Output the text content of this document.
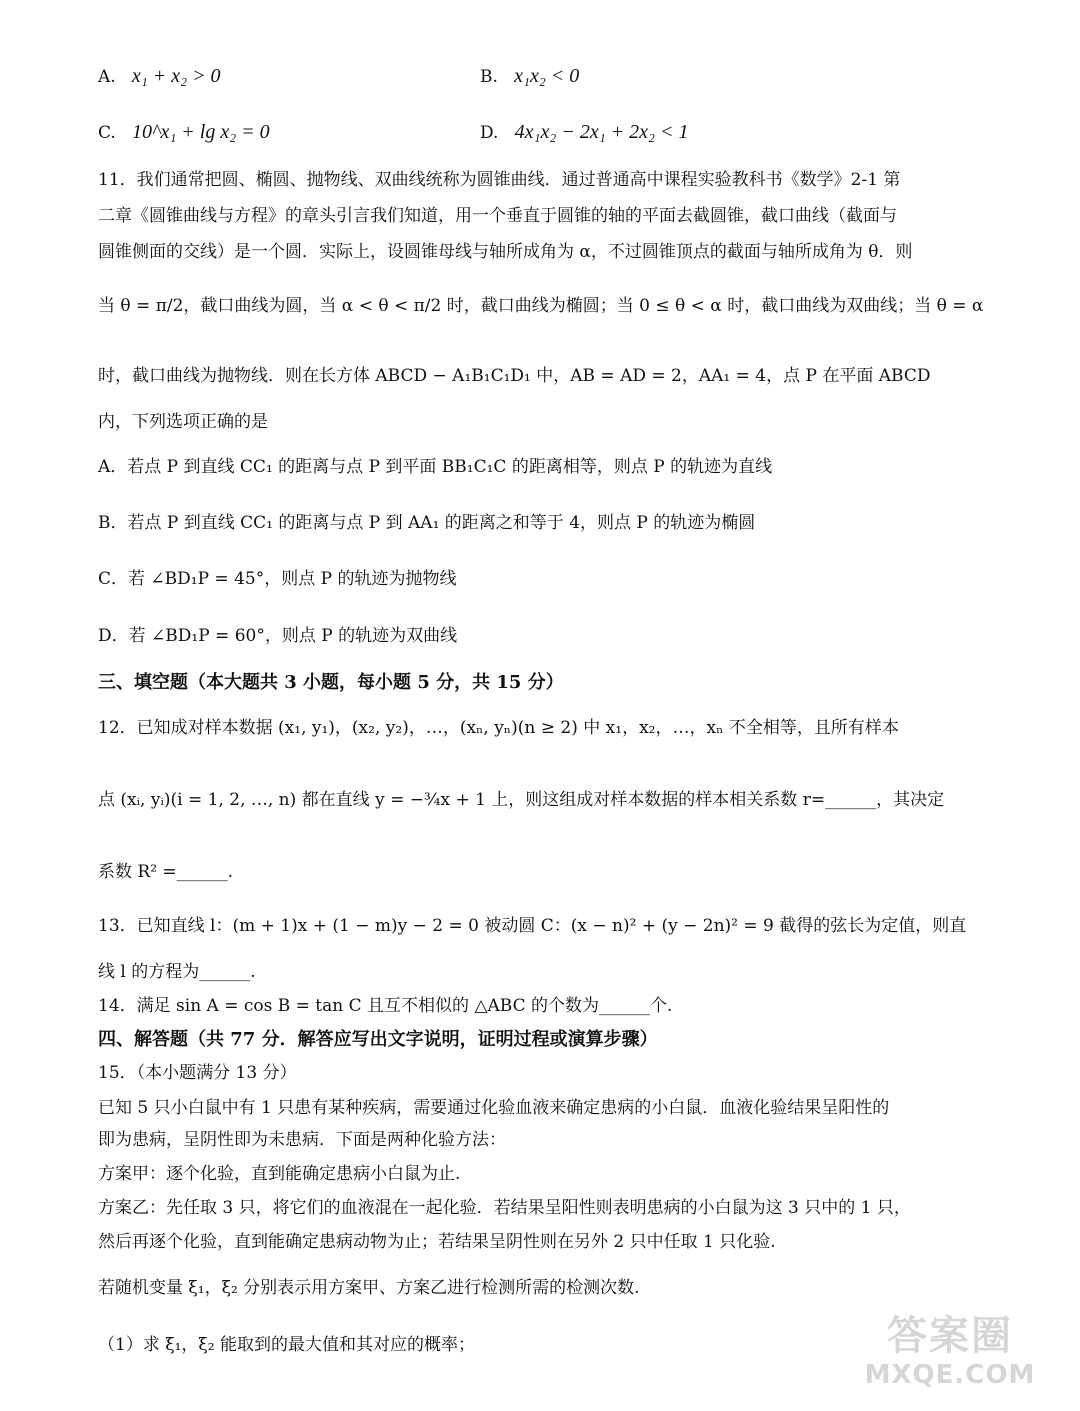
A. x₁ + x₂ > 0	B. x₁x₂ < 0
C. 10^x₁ + lg x₂ = 0	D. 4x₁x₂ − 2x₁ + 2x₂ < 1
11．我们通常把圆、椭圆、抛物线、双曲线统称为圆锥曲线．通过普通高中课程实验教科书《数学》2-1 第
二章《圆锥曲线与方程》的章头引言我们知道，用一个垂直于圆锥的轴的平面去截圆锥，截口曲线（截面与
圆锥侧面的交线）是一个圆．实际上，设圆锥母线与轴所成角为 α，不过圆锥顶点的截面与轴所成角为 θ．则
当 θ = π/2，截口曲线为圆，当 α < θ < π/2 时，截口曲线为椭圆；当 0 ≤ θ < α 时，截口曲线为双曲线；当 θ = α
时，截口曲线为抛物线．则在长方体 ABCD − A₁B₁C₁D₁ 中，AB = AD = 2，AA₁ = 4，点 P 在平面 ABCD
内，下列选项正确的是
A．若点 P 到直线 CC₁ 的距离与点 P 到平面 BB₁C₁C 的距离相等，则点 P 的轨迹为直线
B．若点 P 到直线 CC₁ 的距离与点 P 到 AA₁ 的距离之和等于 4，则点 P 的轨迹为椭圆
C．若 ∠BD₁P = 45°，则点 P 的轨迹为抛物线
D．若 ∠BD₁P = 60°，则点 P 的轨迹为双曲线
三、填空题（本大题共 3 小题，每小题 5 分，共 15 分）
12．已知成对样本数据 (x₁, y₁)，(x₂, y₂)，…，(xₙ, yₙ)(n ≥ 2) 中 x₁，x₂，…，xₙ 不全相等，且所有样本
点 (xᵢ, yᵢ)(i = 1, 2, …, n) 都在直线 y = −¾x + 1 上，则这组成对样本数据的样本相关系数 r=______，其决定
系数 R² =______.
13．已知直线 l：(m + 1)x + (1 − m)y − 2 = 0 被动圆 C：(x − n)² + (y − 2n)² = 9 截得的弦长为定值，则直
线 l 的方程为______.
14．满足 sin A = cos B = tan C 且互不相似的 △ABC 的个数为______个.
四、解答题（共 77 分．解答应写出文字说明，证明过程或演算步骤）
15．（本小题满分 13 分）
已知 5 只小白鼠中有 1 只患有某种疾病，需要通过化验血液来确定患病的小白鼠．血液化验结果呈阳性的
即为患病，呈阴性即为未患病．下面是两种化验方法：
方案甲：逐个化验，直到能确定患病小白鼠为止.
方案乙：先任取 3 只，将它们的血液混在一起化验．若结果呈阳性则表明患病的小白鼠为这 3 只中的 1 只，
然后再逐个化验，直到能确定患病动物为止；若结果呈阴性则在另外 2 只中任取 1 只化验.
若随机变量 ξ₁，ξ₂ 分别表示用方案甲、方案乙进行检测所需的检测次数.
（1）求 ξ₁，ξ₂ 能取到的最大值和其对应的概率；	答案圈
MXQE.COM
